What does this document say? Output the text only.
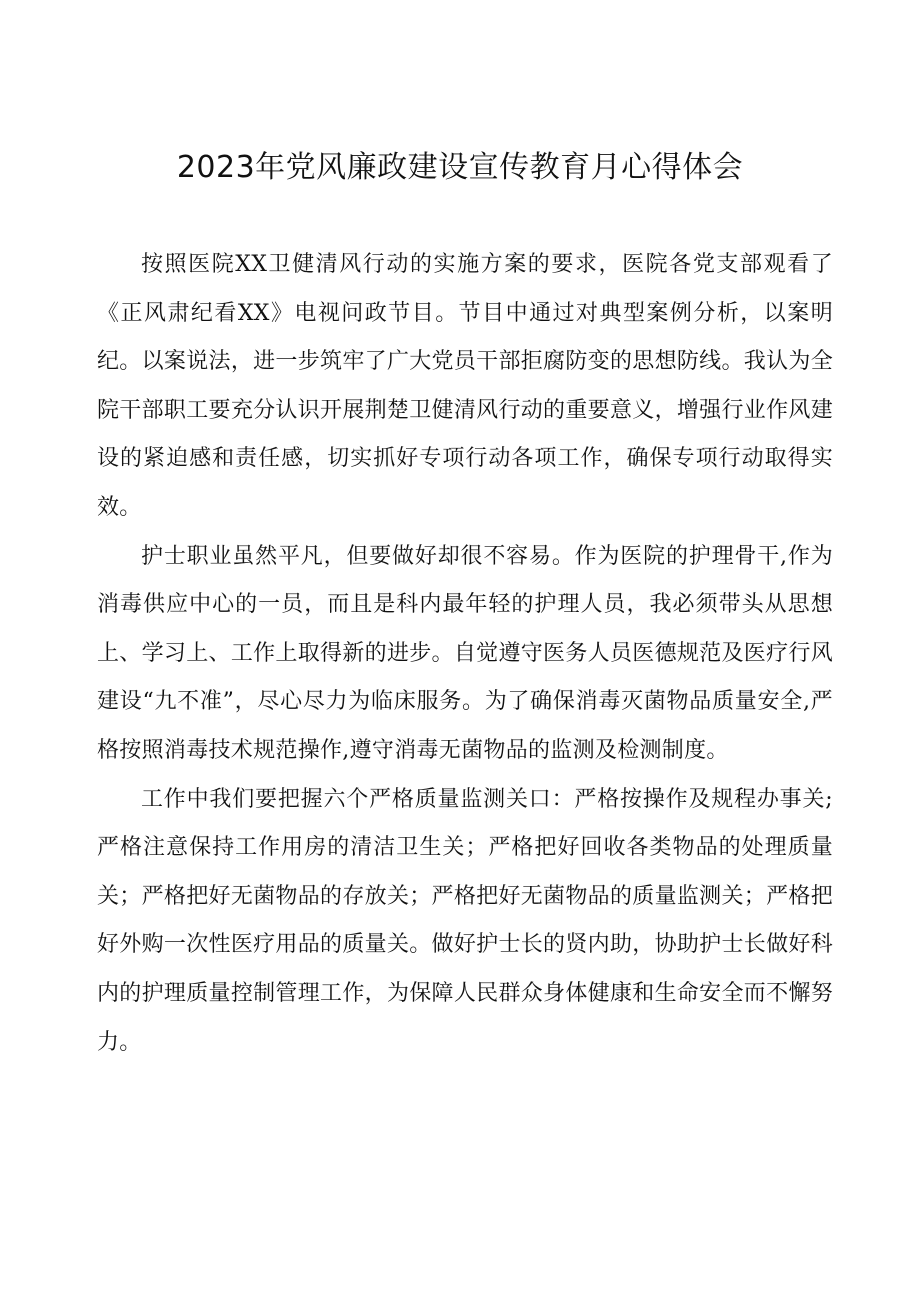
2023年党风廉政建设宣传教育月心得体会

按照医院XX卫健清风行动的实施方案的要求，医院各党支部观看了《正风肃纪看XX》电视问政节目。节目中通过对典型案例分析，以案明纪。以案说法，进一步筑牢了广大党员干部拒腐防变的思想防线。我认为全院干部职工要充分认识开展荆楚卫健清风行动的重要意义，增强行业作风建设的紧迫感和责任感，切实抓好专项行动各项工作，确保专项行动取得实效。

护士职业虽然平凡，但要做好却很不容易。作为医院的护理骨干,作为消毒供应中心的一员，而且是科内最年轻的护理人员，我必须带头从思想上、学习上、工作上取得新的进步。自觉遵守医务人员医德规范及医疗行风建设“九不准”，尽心尽力为临床服务。为了确保消毒灭菌物品质量安全,严格按照消毒技术规范操作,遵守消毒无菌物品的监测及检测制度。

工作中我们要把握六个严格质量监测关口：严格按操作及规程办事关;严格注意保持工作用房的清洁卫生关；严格把好回收各类物品的处理质量关；严格把好无菌物品的存放关；严格把好无菌物品的质量监测关；严格把好外购一次性医疗用品的质量关。做好护士长的贤内助，协助护士长做好科内的护理质量控制管理工作，为保障人民群众身体健康和生命安全而不懈努力。
